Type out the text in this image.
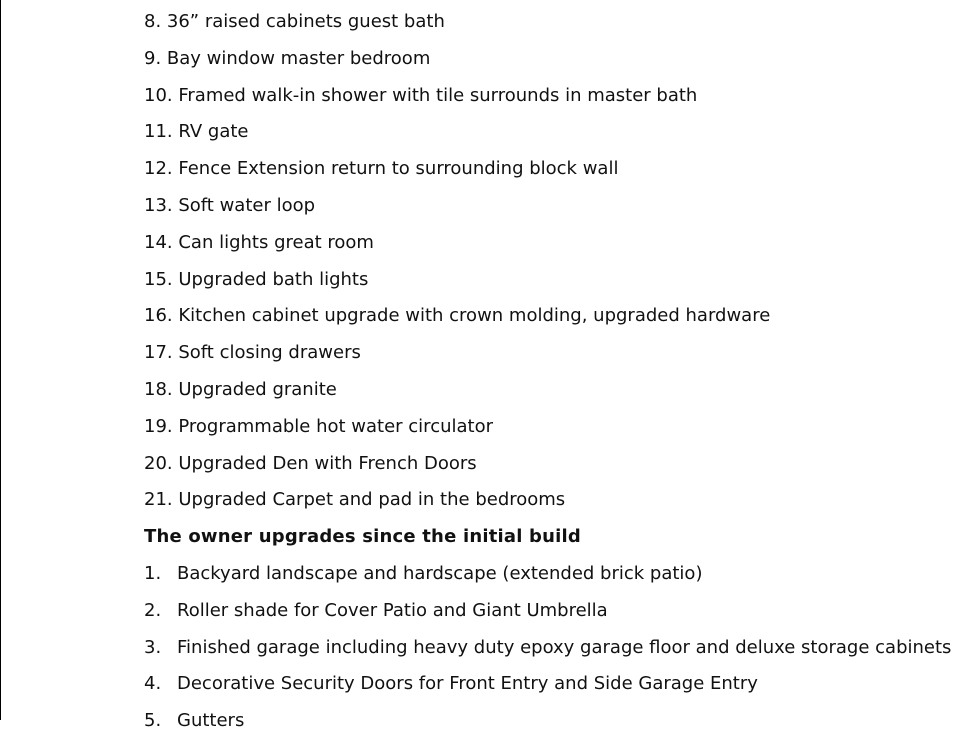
8. 36” raised cabinets guest bath
9. Bay window master bedroom
10. Framed walk-in shower with tile surrounds in master bath
11. RV gate
12. Fence Extension return to surrounding block wall
13. Soft water loop
14. Can lights great room
15. Upgraded bath lights
16. Kitchen cabinet upgrade with crown molding, upgraded hardware
17. Soft closing drawers
18. Upgraded granite
19. Programmable hot water circulator
20. Upgraded Den with French Doors
21. Upgraded Carpet and pad in the bedrooms
The owner upgrades since the initial build
1. Backyard landscape and hardscape (extended brick patio)
2. Roller shade for Cover Patio and Giant Umbrella
3. Finished garage including heavy duty epoxy garage floor and deluxe storage cabinets
4. Decorative Security Doors for Front Entry and Side Garage Entry
5. Gutters
